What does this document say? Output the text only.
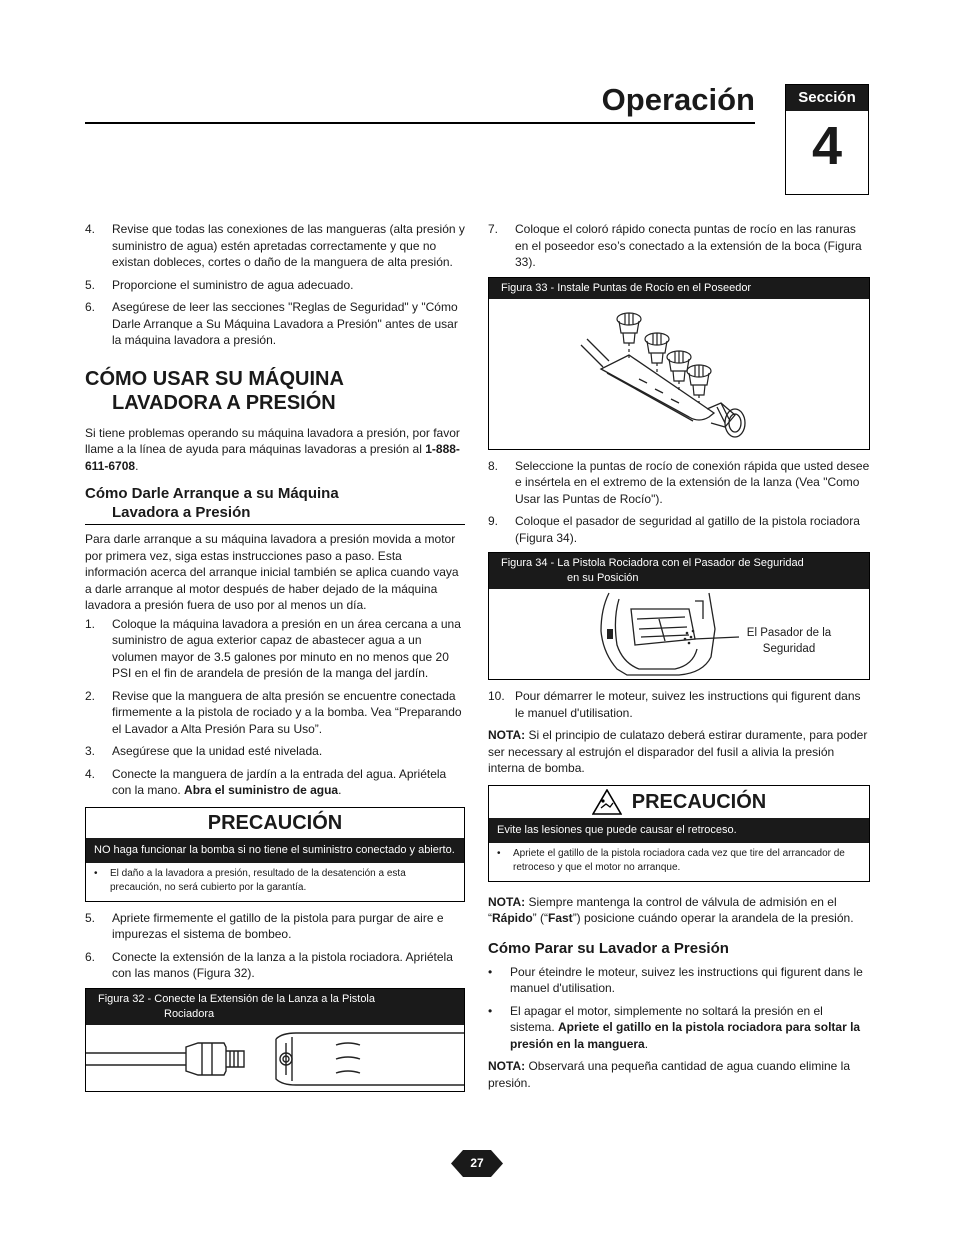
Operación	Sección
4
4. Revise que todas las conexiones de las mangueras (alta presión y suministro de agua) estén apretadas correctamente y que no existan dobleces, cortes o daño de la manguera de alta presión.
5. Proporcione el suministro de agua adecuado.
6. Asegúrese de leer las secciones "Reglas de Seguridad" y "Cómo Darle Arranque a Su Máquina Lavadora a Presión" antes de usar la máquina lavadora a presión.
CÓMO USAR SU MÁQUINA
LAVADORA A PRESIÓN

Si tiene problemas operando su máquina lavadora a presión, por favor llame a la línea de ayuda para máquinas lavadoras a presión al 1-888-611-6708.

Cómo Darle Arranque a su Máquina
Lavadora a Presión

Para darle arranque a su máquina lavadora a presión movida a motor por primera vez, siga estas instrucciones paso a paso. Esta información acerca del arranque inicial también se aplica cuando vaya a darle arranque al motor después de haber dejado de la máquina lavadora a presión fuera de uso por al menos un día.

1. Coloque la máquina lavadora a presión en un área cercana a una suministro de agua exterior capaz de abastecer agua a un volumen mayor de 3.5 galones por minuto en no menos que 20 PSI en el fin de arandela de presión de la manga del jardín.
2. Revise que la manguera de alta presión se encuentre conectada firmemente a la pistola de rociado y a la bomba. Vea “Preparando el Lavador a Alta Presión Para su Uso”.
3. Asegúrese que la unidad esté nivelada.
4. Conecte la manguera de jardín a la entrada del agua. Apriételа con la mano. Abra el suministro de agua.
PRECAUCIÓN
NO haga funcionar la bomba si no tiene el suministro conectado y abierto.
• El daño a la lavadora a presión, resultado de la desatención a esta precaución, no será cubierto por la garantía.
5. Apriete firmemente el gatillo de la pistola para purgar de aire e impurezas el sistema de bombeo.
6. Conecte la extensión de la lanza a la pistola rociadora. Apriételа con las manos (Figura 32).
Figura 32 - Conecte la Extensión de la Lanza a la Pistola
Rociadora
7. Coloque el coloró rápido conecta puntas de rocío en las ranuras en el poseedor eso’s conectado a la extensión de la boca (Figura 33).
Figura 33 - Instale Puntas de Rocío en el Poseedor
8. Seleccione la puntas de rocío de conexión rápida que usted desee e insértela en el extremo de la extensión de la lanza (Vea "Como Usar las Puntas de Rocío").
9. Coloque el pasador de seguridad al gatillo de la pistola rociadora (Figura 34).
Figura 34 - La Pistola Rociadora con el Pasador de Seguridad
en su Posición
El Pasador de la
Seguridad
10. Pour démarrer le moteur, suivez les instructions qui figurent dans le manuel d'utilisation.

NOTA: Si el principio de culatazo deberá estirar duramente, para poder ser necessary al estrujón el disparador del fusil a alivia la presión interna de bomba.

PRECAUCIÓN
Evite las lesiones que puede causar el retroceso.
• Apriete el gatillo de la pistola rociadora cada vez que tire del arrancador de retroceso y que el motor no arranque.

NOTA: Siempre mantenga la control de válvula de admisión en el “Rápido” (“Fast”) posicione cuándo operar la arandela de la presión.

Cómo Parar su Lavador a Presión
• Pour éteindre le moteur, suivez les instructions qui figurent dans le manuel d'utilisation.
• El apagar el motor, simplemente no soltará la presión en el sistema. Apriete el gatillo en la pistola rociadora para soltar la presión en la manguera.

NOTA: Observará una pequeña cantidad de agua cuando elimine la presión.

27
